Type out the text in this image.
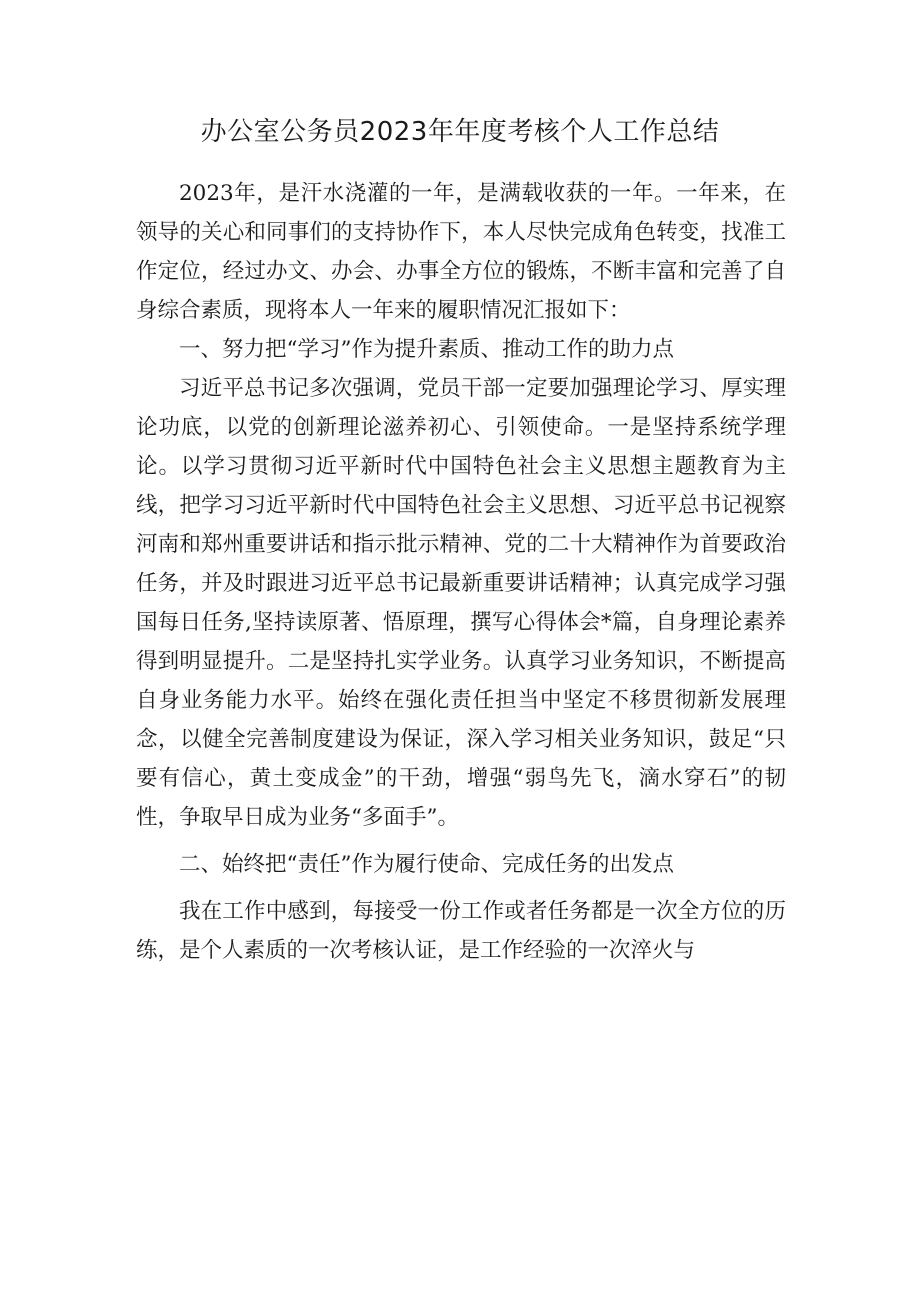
办公室公务员2023年年度考核个人工作总结

2023年，是汗水浇灌的一年，是满载收获的一年。一年来，在领导的关心和同事们的支持协作下，本人尽快完成角色转变，找准工作定位，经过办文、办会、办事全方位的锻炼，不断丰富和完善了自身综合素质，现将本人一年来的履职情况汇报如下：

一、努力把“学习”作为提升素质、推动工作的助力点

习近平总书记多次强调，党员干部一定要加强理论学习、厚实理论功底，以党的创新理论滋养初心、引领使命。一是坚持系统学理论。以学习贯彻习近平新时代中国特色社会主义思想主题教育为主线，把学习习近平新时代中国特色社会主义思想、习近平总书记视察河南和郑州重要讲话和指示批示精神、党的二十大精神作为首要政治任务，并及时跟进习近平总书记最新重要讲话精神；认真完成学习强国每日任务,坚持读原著、悟原理，撰写心得体会*篇，自身理论素养得到明显提升。二是坚持扎实学业务。认真学习业务知识，不断提高自身业务能力水平。始终在强化责任担当中坚定不移贯彻新发展理念，以健全完善制度建设为保证，深入学习相关业务知识，鼓足“只要有信心，黄土变成金”的干劲，增强“弱鸟先飞，滴水穿石”的韧性，争取早日成为业务“多面手”。

二、始终把“责任”作为履行使命、完成任务的出发点

我在工作中感到，每接受一份工作或者任务都是一次全方位的历练，是个人素质的一次考核认证，是工作经验的一次淬火与
